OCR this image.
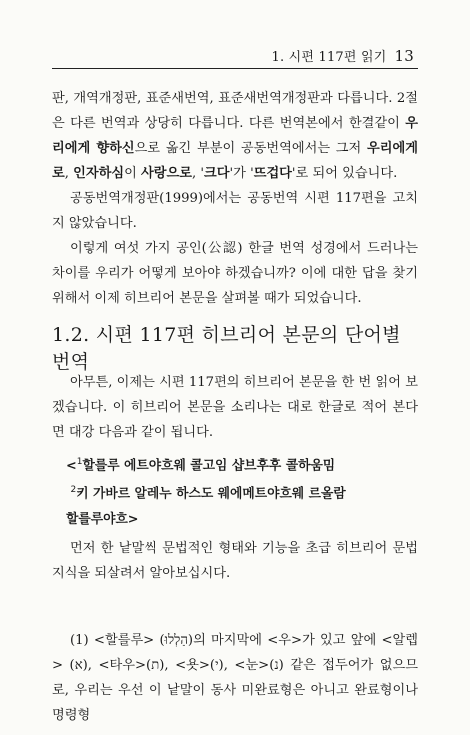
1. 시편 117편 읽기 13

판, 개역개정판, 표준새번역, 표준새번역개정판과 다릅니다. 2절은 다른 번역과 상당히 다릅니다. 다른 번역본에서 한결같이 우리에게 향하신으로 옮긴 부분이 공동번역에서는 그저 우리에게로, 인자하심이 사랑으로, '크다'가 '뜨겁다'로 되어 있습니다.

공동번역개정판(1999)에서는 공동번역 시편 117편을 고치지 않았습니다.

이렇게 여섯 가지 공인(公認) 한글 번역 성경에서 드러나는 차이를 우리가 어떻게 보아야 하겠습니까? 이에 대한 답을 찾기 위해서 이제 히브리어 본문을 살펴볼 때가 되었습니다.

1.2. 시편 117편 히브리어 본문의 단어별 번역

아무튼, 이제는 시편 117편의 히브리어 본문을 한 번 읽어 보겠습니다. 이 히브리어 본문을 소리나는 대로 한글로 적어 본다면 대강 다음과 같이 됩니다.

<$^1$할를루 에트야흐웨 콜고임 샵브후후 콜하움밈
$^2$키 가바르 알레누 하스도 웨에메트야흐웨 르올람
할를루야흐>

먼저 한 낱말씩 문법적인 형태와 기능을 초급 히브리어 문법 지식을 되살려서 알아보십시다.

(1) <할를루> (הַלְלוּ)의 마지막에 <우>가 있고 앞에 <알렙> (א), <타우>(ת), <욧>(י), <눈>(נ) 같은 접두어가 없으므로, 우리는 우선 이 낱말이 동사 미완료형은 아니고 완료형이나 명령형
